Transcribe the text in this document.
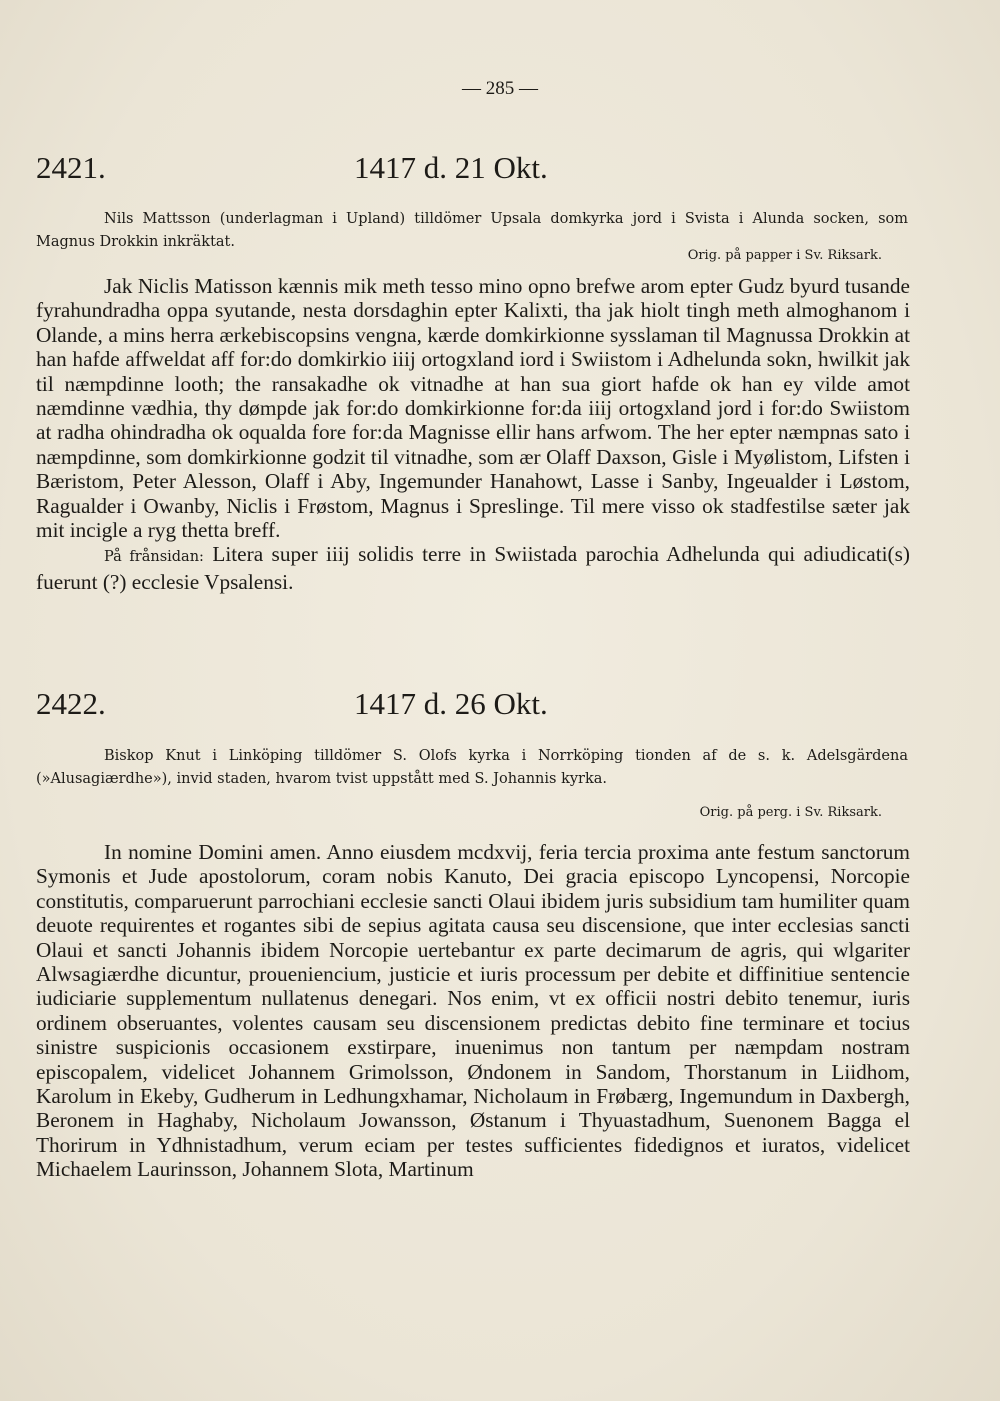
— 285 —
2421.	1417 d. 21 Okt.
Nils Mattsson (underlagman i Upland) tilldömer Upsala domkyrka jord i Svista i Alunda socken, som Magnus Drokkin inkräktat.
Orig. på papper i Sv. Riksark.

Jak Niclis Matisson kænnis mik meth tesso mino opno brefwe arom epter Gudz byurd tusande fyrahundradha oppa syutande, nesta dorsdaghin epter Kalixti, tha jak hiolt tingh meth almoghanom i Olande, a mins herra ærkebiscopsins vengna, kærde domkirkionne sysslaman til Magnussa Drokkin at han hafde affweldat aff for:do domkirkio iiij ortogxland iord i Swiistom i Adhelunda sokn, hwilkit jak til næmpdinne looth; the ransakadhe ok vitnadhe at han sua giort hafde ok han ey vilde amot næmdinne vædhia, thy dømpde jak for:do domkirkionne for:da iiij ortogxland jord i for:do Swiistom at radha ohindradha ok oqualda fore for:da Magnisse ellir hans arfwom. The her epter næmpnas sato i næmpdinne, som domkirkionne godzit til vitnadhe, som ær Olaff Daxson, Gisle i Myølistom, Lifsten i Bæristom, Peter Alesson, Olaff i Aby, Ingemunder Hanahowt, Lasse i Sanby, Ingeualder i Løstom, Ragualder i Owanby, Niclis i Frøstom, Magnus i Spreslinge. Til mere visso ok stadfestilse sæter jak mit incigle a ryg thetta breff.

På frånsidan: Litera super iiij solidis terre in Swiistada parochia Adhelunda qui adiudicati(s) fuerunt (?) ecclesie Vpsalensi.

2422.	1417 d. 26 Okt.
Biskop Knut i Linköping tilldömer S. Olofs kyrka i Norrköping tionden af de s. k. Adelsgärdena (»Alusagiærdhe»), invid staden, hvarom tvist uppstått med S. Johannis kyrka.
Orig. på perg. i Sv. Riksark.

In nomine Domini amen. Anno eiusdem mcdxvij, feria tercia proxima ante festum sanctorum Symonis et Jude apostolorum, coram nobis Kanuto, Dei gracia episcopo Lyncopensi, Norcopie constitutis, comparuerunt parrochiani ecclesie sancti Olaui ibidem juris subsidium tam humiliter quam deuote requirentes et rogantes sibi de sepius agitata causa seu discensione, que inter ecclesias sancti Olaui et sancti Johannis ibidem Norcopie uertebantur ex parte decimarum de agris, qui wlgariter Alwsagiærdhe dicuntur, proueniencium, justicie et iuris processum per debite et diffinitiue sentencie iudiciarie supplementum nullatenus denegari. Nos enim, vt ex officii nostri debito tenemur, iuris ordinem obseruantes, volentes causam seu discensionem predictas debito fine terminare et tocius sinistre suspicionis occasionem exstirpare, inuenimus non tantum per næmpdam nostram episcopalem, videlicet Johannem Grimolsson, Øndonem in Sandom, Thorstanum in Liidhom, Karolum in Ekeby, Gudherum in Ledhungxhamar, Nicholaum in Frøbærg, Ingemundum in Daxbergh, Beronem in Haghaby, Nicholaum Jowansson, Østanum i Thyuastadhum, Suenonem Bagga el Thorirum in Ydhnistadhum, verum eciam per testes sufficientes fidedignos et iuratos, videlicet Michaelem Laurinsson, Johannem Slota, Martinum
